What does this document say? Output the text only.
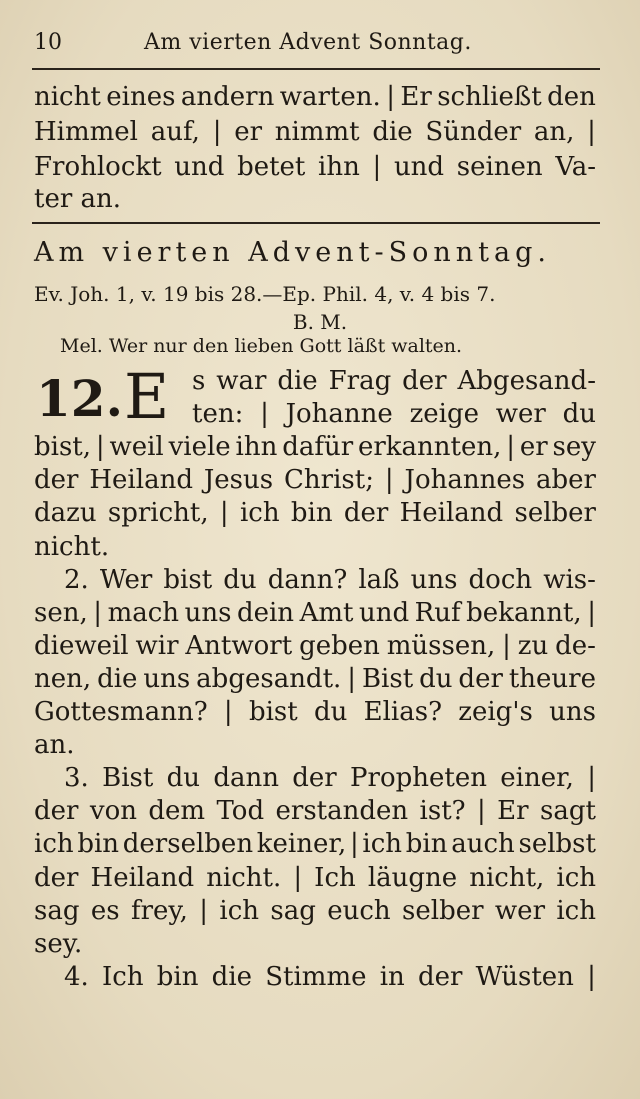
10	Am vierten Advent Sonntag.
nicht eines andern warten. | Er schließt den
Himmel auf, | er nimmt die Sünder an, |
Frohlockt und betet ihn | und seinen Va-
ter an.
Am vierten Advent-Sonntag.
Ev. Joh. 1, v. 19 bis 28.—Ep. Phil. 4, v. 4 bis 7.
B. M.
Mel. Wer nur den lieben Gott läßt walten.
12. E s war die Frag der Abgesand-
ten: | Johanne zeige wer du
bist, | weil viele ihn dafür erkannten, | er sey
der Heiland Jesus Christ; | Johannes aber
dazu spricht, | ich bin der Heiland selber
nicht.
2. Wer bist du dann? laß uns doch wis-
sen, | mach uns dein Amt und Ruf bekannt, |
dieweil wir Antwort geben müssen, | zu de-
nen, die uns abgesandt. | Bist du der theure
Gottesmann? | bist du Elias? zeig's uns
an.
3. Bist du dann der Propheten einer, |
der von dem Tod erstanden ist? | Er sagt
ich bin derselben keiner, | ich bin auch selbst
der Heiland nicht. | Ich läugne nicht, ich
sag es frey, | ich sag euch selber wer ich
sey.
4. Ich bin die Stimme in der Wüsten |
